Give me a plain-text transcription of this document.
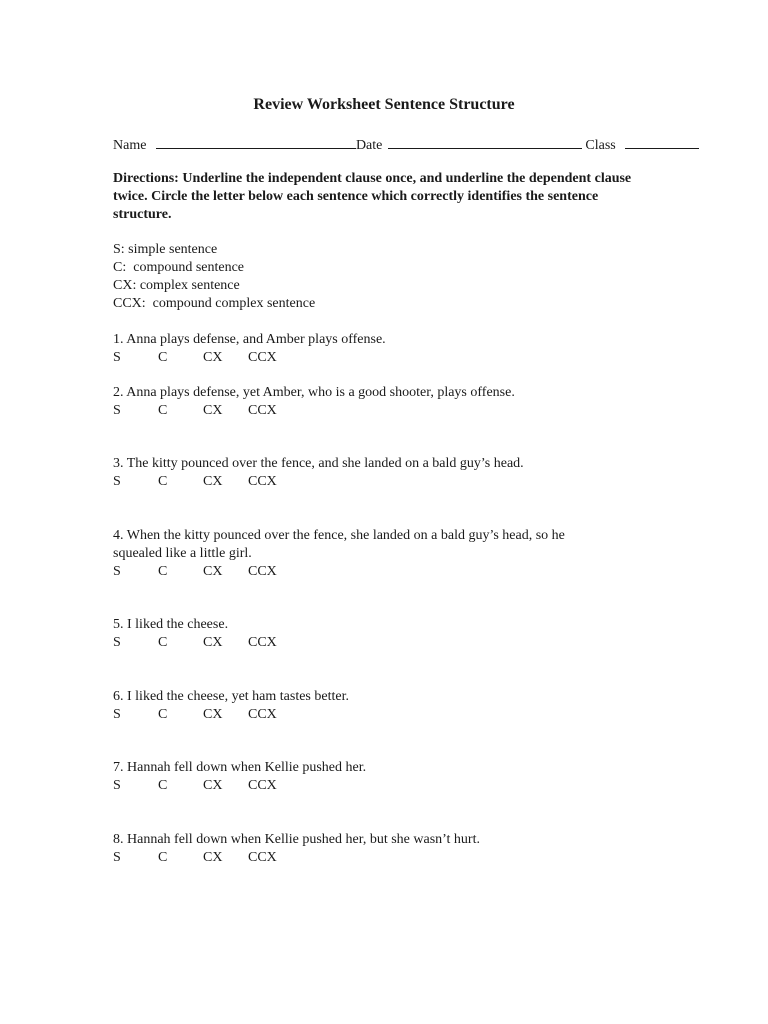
Review Worksheet Sentence Structure
Name	Date	Class
Directions: Underline the independent clause once, and underline the dependent clause twice. Circle the letter below each sentence which correctly identifies the sentence structure.
S: simple sentence
C:  compound sentence
CX: complex sentence
CCX:  compound complex sentence
1. Anna plays defense, and Amber plays offense.
S	C	CX CCX
2. Anna plays defense, yet Amber, who is a good shooter, plays offense.
S	C	CX CCX
3. The kitty pounced over the fence, and she landed on a bald guy’s head.
S	C	CX CCX
4. When the kitty pounced over the fence, she landed on a bald guy’s head, so he squealed like a little girl.
S	C	CX CCX
5. I liked the cheese.
S	C	CX CCX
6. I liked the cheese, yet ham tastes better.
S	C	CX CCX
7. Hannah fell down when Kellie pushed her.
S	C	CX CCX
8. Hannah fell down when Kellie pushed her, but she wasn’t hurt.
S	C	CX CCX
